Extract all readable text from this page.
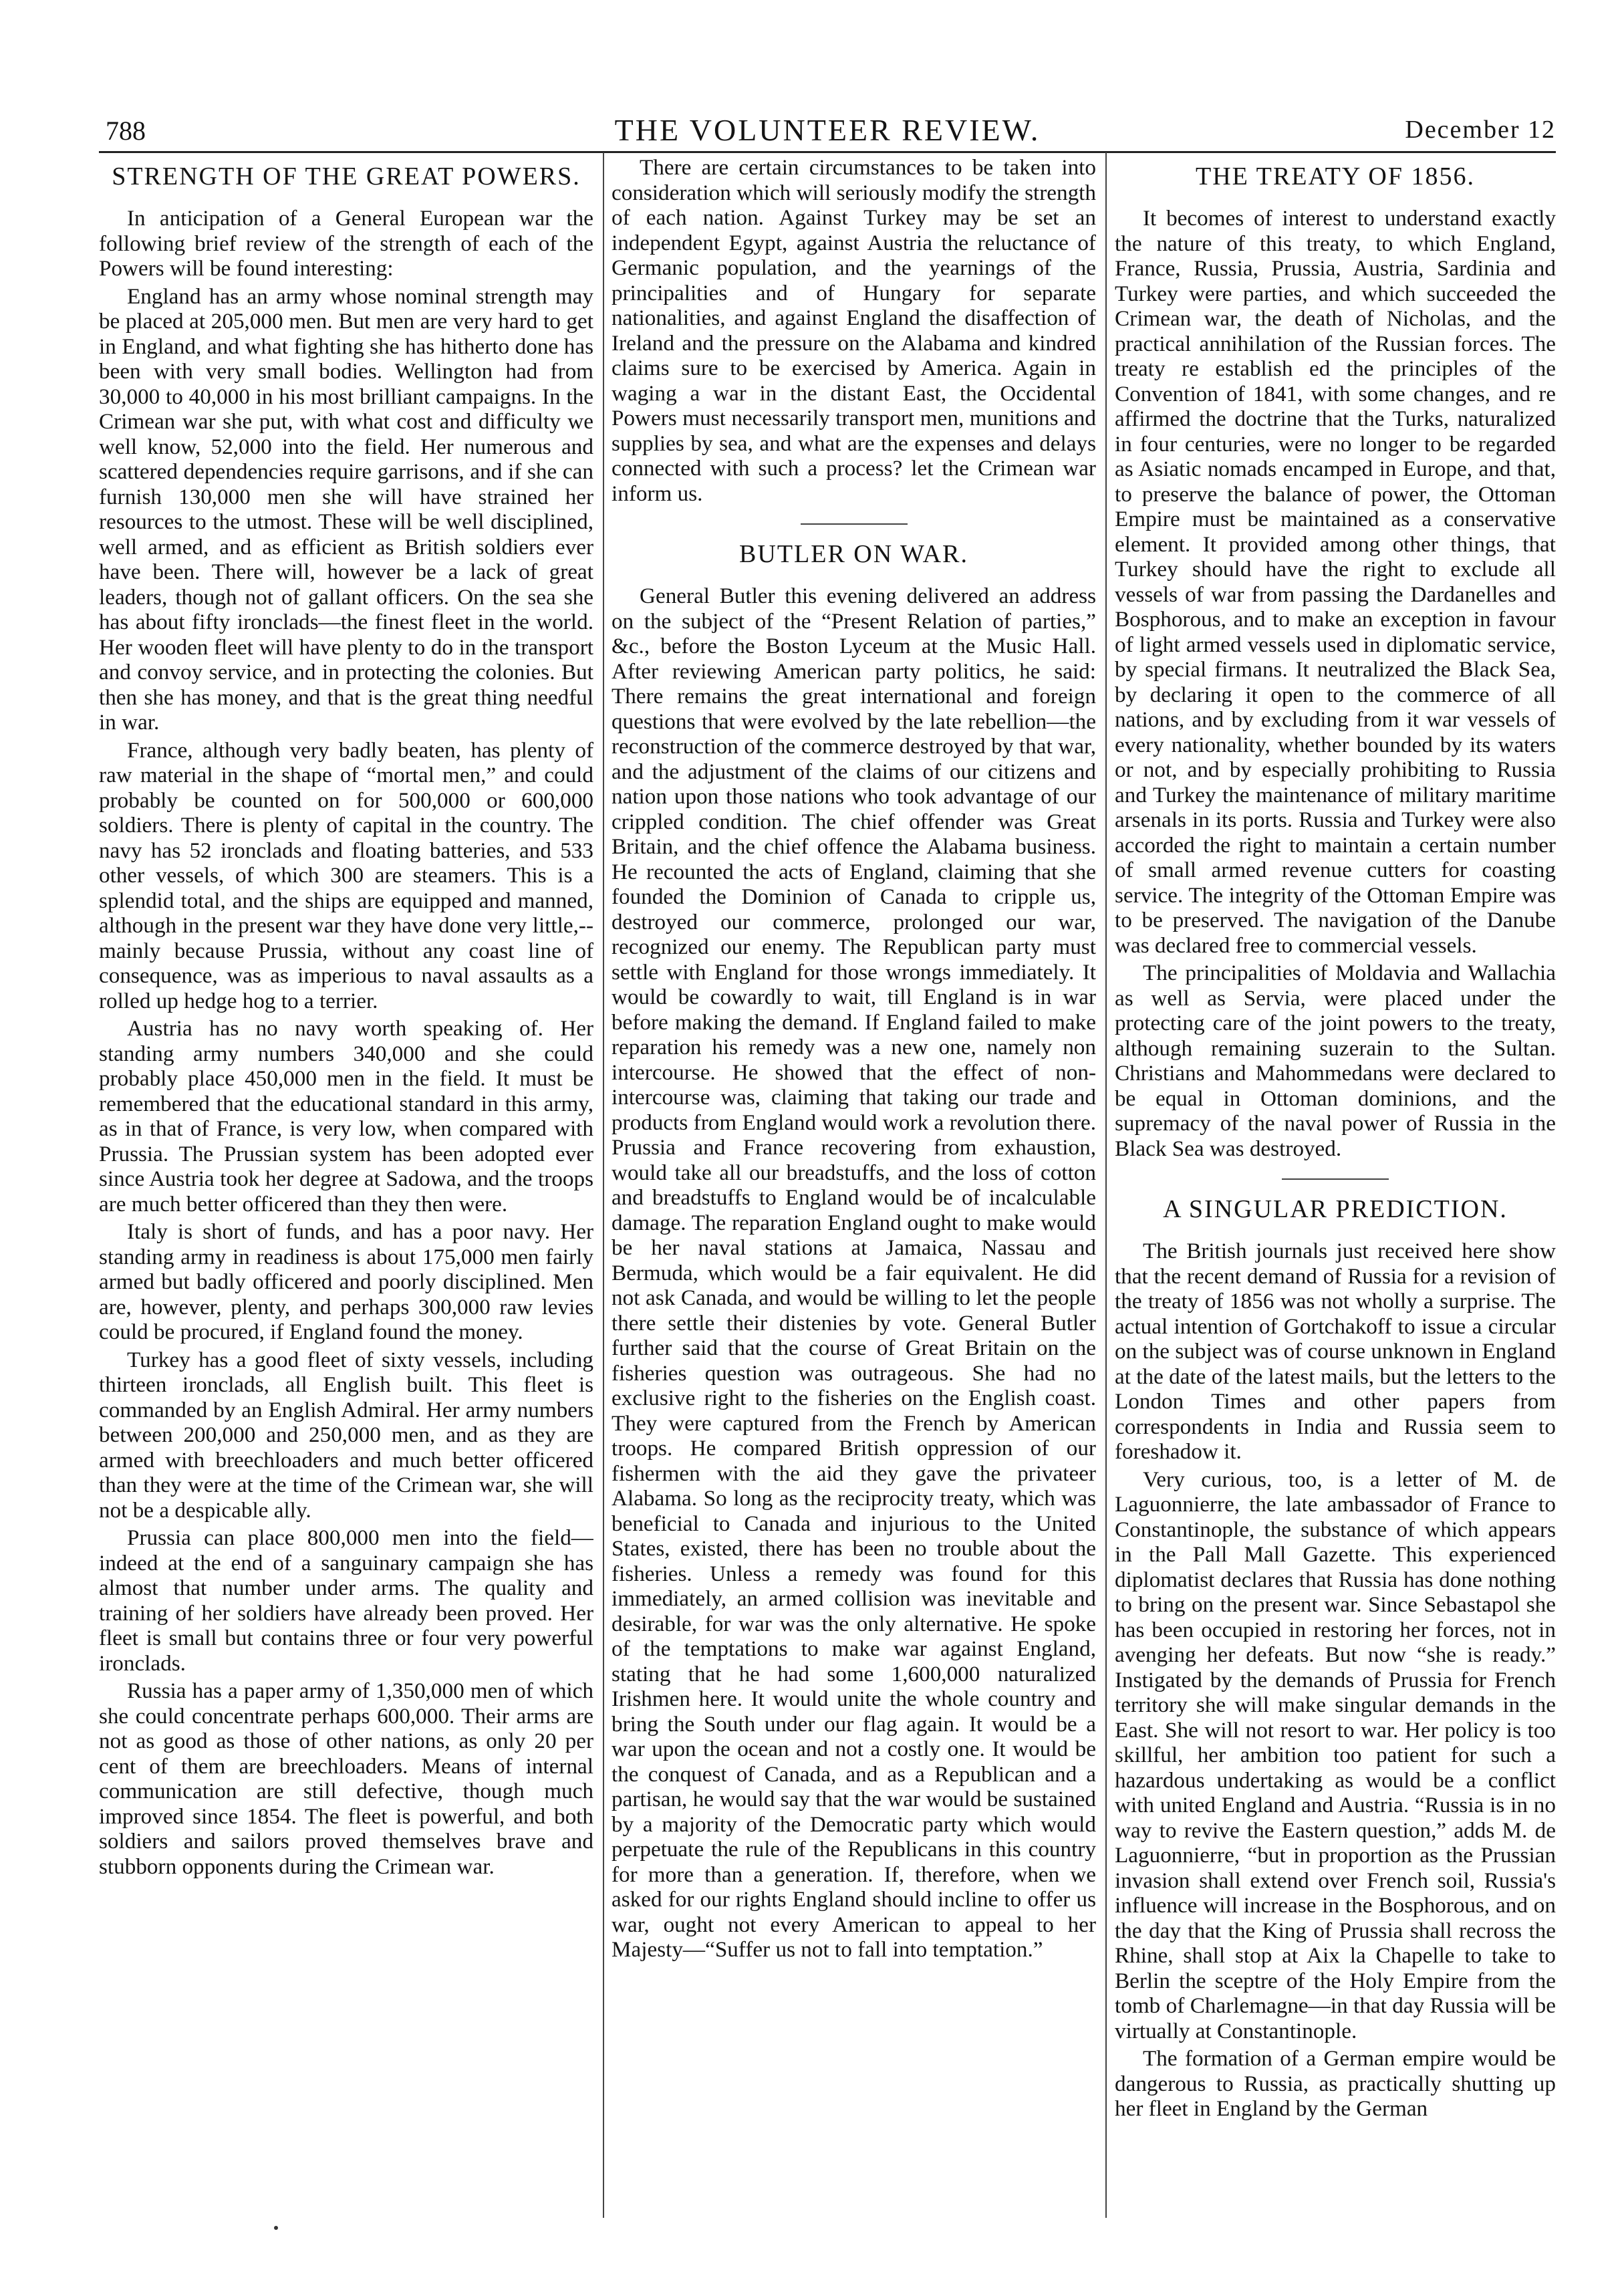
788	THE VOLUNTEER REVIEW.	December 12
STRENGTH OF THE GREAT POWERS.

In anticipation of a General European war the following brief review of the strength of each of the Powers will be found interesting:

England has an army whose nominal strength may be placed at 205,000 men. But men are very hard to get in England, and what fighting she has hitherto done has been with very small bodies. Wellington had from 30,000 to 40,000 in his most brilliant campaigns. In the Crimean war she put, with what cost and difficulty we well know, 52,000 into the field. Her numerous and scattered dependencies require garrisons, and if she can furnish 130,000 men she will have strained her resources to the utmost. These will be well disciplined, well armed, and as efficient as British soldiers ever have been. There will, however be a lack of great leaders, though not of gallant officers. On the sea she has about fifty ironclads—the finest fleet in the world. Her wooden fleet will have plenty to do in the transport and convoy service, and in protecting the colonies. But then she has money, and that is the great thing needful in war.

France, although very badly beaten, has plenty of raw material in the shape of “mortal men,” and could probably be counted on for 500,000 or 600,000 soldiers. There is plenty of capital in the country. The navy has 52 ironclads and floating batteries, and 533 other vessels, of which 300 are steamers. This is a splendid total, and the ships are equipped and manned, although in the present war they have done very little,--mainly because Prussia, without any coast line of consequence, was as imperious to naval assaults as a rolled up hedge hog to a terrier.

Austria has no navy worth speaking of. Her standing army numbers 340,000 and she could probably place 450,000 men in the field. It must be remembered that the educational standard in this army, as in that of France, is very low, when compared with Prussia. The Prussian system has been adopted ever since Austria took her degree at Sadowa, and the troops are much better officered than they then were.

Italy is short of funds, and has a poor navy. Her standing army in readiness is about 175,000 men fairly armed but badly officered and poorly disciplined. Men are, however, plenty, and perhaps 300,000 raw levies could be procured, if England found the money.

Turkey has a good fleet of sixty vessels, including thirteen ironclads, all English built. This fleet is commanded by an English Admiral. Her army numbers between 200,000 and 250,000 men, and as they are armed with breechloaders and much better officered than they were at the time of the Crimean war, she will not be a despicable ally.

Prussia can place 800,000 men into the field—indeed at the end of a sanguinary campaign she has almost that number under arms. The quality and training of her soldiers have already been proved. Her fleet is small but contains three or four very powerful ironclads.

Russia has a paper army of 1,350,000 men of which she could concentrate perhaps 600,000. Their arms are not as good as those of other nations, as only 20 per cent of them are breechloaders. Means of internal communication are still defective, though much improved since 1854. The fleet is powerful, and both soldiers and sailors proved themselves brave and stubborn opponents during the Crimean war.

There are certain circumstances to be taken into consideration which will seriously modify the strength of each nation. Against Turkey may be set an independent Egypt, against Austria the reluctance of Germanic population, and the yearnings of the principalities and of Hungary for separate nationalities, and against England the disaffection of Ireland and the pressure on the Alabama and kindred claims sure to be exercised by America. Again in waging a war in the distant East, the Occidental Powers must necessarily transport men, munitions and supplies by sea, and what are the expenses and delays connected with such a process? let the Crimean war inform us.

BUTLER ON WAR.

General Butler this evening delivered an address on the subject of the “Present Relation of parties,” &c., before the Boston Lyceum at the Music Hall. After reviewing American party politics, he said: There remains the great international and foreign questions that were evolved by the late rebellion—the reconstruction of the commerce destroyed by that war, and the adjustment of the claims of our citizens and nation upon those nations who took advantage of our crippled condition. The chief offender was Great Britain, and the chief offence the Alabama business. He recounted the acts of England, claiming that she founded the Dominion of Canada to cripple us, destroyed our commerce, prolonged our war, recognized our enemy. The Republican party must settle with England for those wrongs immediately. It would be cowardly to wait, till England is in war before making the demand. If England failed to make reparation his remedy was a new one, namely non intercourse. He showed that the effect of non-intercourse was, claiming that taking our trade and products from England would work a revolution there. Prussia and France recovering from exhaustion, would take all our breadstuffs, and the loss of cotton and breadstuffs to England would be of incalculable damage. The reparation England ought to make would be her naval stations at Jamaica, Nassau and Bermuda, which would be a fair equivalent. He did not ask Canada, and would be willing to let the people there settle their distenies by vote. General Butler further said that the course of Great Britain on the fisheries question was outrageous. She had no exclusive right to the fisheries on the English coast. They were captured from the French by American troops. He compared British oppression of our fishermen with the aid they gave the privateer Alabama. So long as the reciprocity treaty, which was beneficial to Canada and injurious to the United States, existed, there has been no trouble about the fisheries. Unless a remedy was found for this immediately, an armed collision was inevitable and desirable, for war was the only alternative. He spoke of the temptations to make war against England, stating that he had some 1,600,000 naturalized Irishmen here. It would unite the whole country and bring the South under our flag again. It would be a war upon the ocean and not a costly one. It would be the conquest of Canada, and as a Republican and a partisan, he would say that the war would be sustained by a majority of the Democratic party which would perpetuate the rule of the Republicans in this country for more than a generation. If, therefore, when we asked for our rights England should incline to offer us war, ought not every American to appeal to her Majesty—“Suffer us not to fall into temptation.”

THE TREATY OF 1856.

It becomes of interest to understand exactly the nature of this treaty, to which England, France, Russia, Prussia, Austria, Sardinia and Turkey were parties, and which succeeded the Crimean war, the death of Nicholas, and the practical annihilation of the Russian forces. The treaty re establish ed the principles of the Convention of 1841, with some changes, and re affirmed the doctrine that the Turks, naturalized in four centuries, were no longer to be regarded as Asiatic nomads encamped in Europe, and that, to preserve the balance of power, the Ottoman Empire must be maintained as a conservative element. It provided among other things, that Turkey should have the right to exclude all vessels of war from passing the Dardanelles and Bosphorous, and to make an exception in favour of light armed vessels used in diplomatic service, by special firmans. It neutralized the Black Sea, by declaring it open to the commerce of all nations, and by excluding from it war vessels of every nationality, whether bounded by its waters or not, and by especially prohibiting to Russia and Turkey the maintenance of military maritime arsenals in its ports. Russia and Turkey were also accorded the right to maintain a certain number of small armed revenue cutters for coasting service. The integrity of the Ottoman Empire was to be preserved. The navigation of the Danube was declared free to commercial vessels.

The principalities of Moldavia and Wallachia as well as Servia, were placed under the protecting care of the joint powers to the treaty, although remaining suzerain to the Sultan. Christians and Mahommedans were declared to be equal in Ottoman dominions, and the supremacy of the naval power of Russia in the Black Sea was destroyed.

A SINGULAR PREDICTION.

The British journals just received here show that the recent demand of Russia for a revision of the treaty of 1856 was not wholly a surprise. The actual intention of Gortchakoff to issue a circular on the subject was of course unknown in England at the date of the latest mails, but the letters to the London Times and other papers from correspondents in India and Russia seem to foreshadow it.

Very curious, too, is a letter of M. de Laguonnierre, the late ambassador of France to Constantinople, the substance of which appears in the Pall Mall Gazette. This experienced diplomatist declares that Russia has done nothing to bring on the present war. Since Sebastapol she has been occupied in restoring her forces, not in avenging her defeats. But now “she is ready.” Instigated by the demands of Prussia for French territory she will make singular demands in the East. She will not resort to war. Her policy is too skillful, her ambition too patient for such a hazardous undertaking as would be a conflict with united England and Austria. “Russia is in no way to revive the Eastern question,” adds M. de Laguonnierre, “but in proportion as the Prussian invasion shall extend over French soil, Russia's influence will increase in the Bosphorous, and on the day that the King of Prussia shall recross the Rhine, shall stop at Aix la Chapelle to take to Berlin the sceptre of the Holy Empire from the tomb of Charlemagne—in that day Russia will be virtually at Constantinople.

The formation of a German empire would be dangerous to Russia, as practically shutting up her fleet in England by the German
